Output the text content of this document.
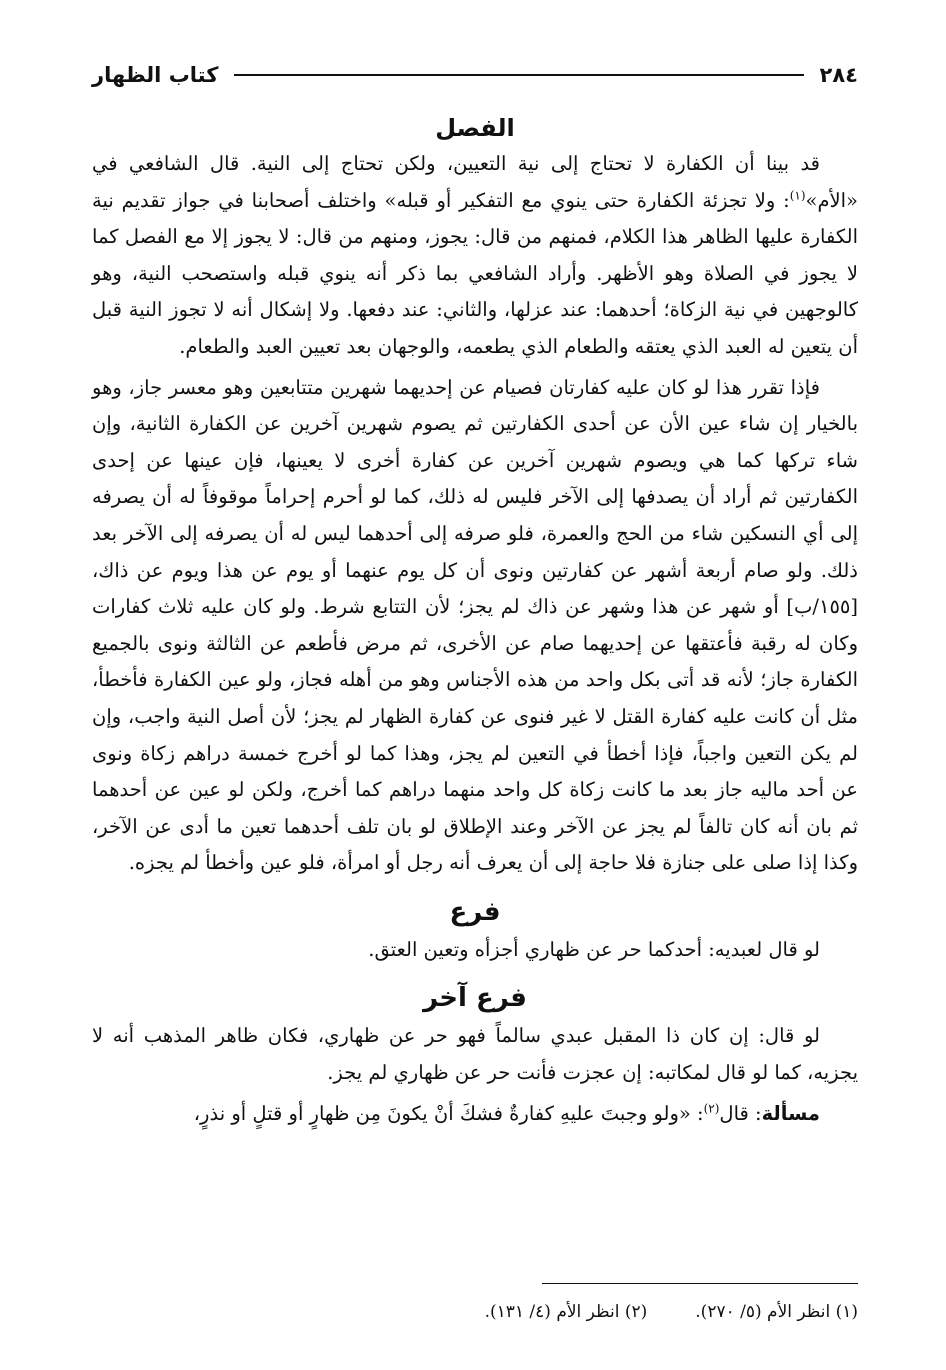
٢٨٤
كتاب الظهار
الفصل

قد بينا أن الكفارة لا تحتاج إلى نية التعيين، ولكن تحتاج إلى النية. قال الشافعي في «الأم»$^{(١)}$: ولا تجزئة الكفارة حتى ينوي مع التفكير أو قبله» واختلف أصحابنا في جواز تقديم نية الكفارة عليها الظاهر هذا الكلام، فمنهم من قال: يجوز، ومنهم من قال: لا يجوز إلا مع الفصل كما لا يجوز في الصلاة وهو الأظهر. وأراد الشافعي بما ذكر أنه ينوي قبله واستصحب النية، وهو كالوجهين في نية الزكاة؛ أحدهما: عند عزلها، والثاني: عند دفعها. ولا إشكال أنه لا تجوز النية قبل أن يتعين له العبد الذي يعتقه والطعام الذي يطعمه، والوجهان بعد تعيين العبد والطعام.

فإذا تقرر هذا لو كان عليه كفارتان فصيام عن إحديهما شهرين متتابعين وهو معسر جاز، وهو بالخيار إن شاء عين الأن عن أحدى الكفارتين ثم يصوم شهرين آخرين عن الكفارة الثانية، وإن شاء تركها كما هي ويصوم شهرين آخرين عن كفارة أخرى لا يعينها، فإن عينها عن إحدى الكفارتين ثم أراد أن يصدفها إلى الآخر فليس له ذلك، كما لو أحرم إحراماً موقوفاً له أن يصرفه إلى أي النسكين شاء من الحج والعمرة، فلو صرفه إلى أحدهما ليس له أن يصرفه إلى الآخر بعد ذلك. ولو صام أربعة أشهر عن كفارتين ونوى أن كل يوم عنهما أو يوم عن هذا ويوم عن ذاك، [١٥٥/ب] أو شهر عن هذا وشهر عن ذاك لم يجز؛ لأن التتابع شرط. ولو كان عليه ثلاث كفارات وكان له رقبة فأعتقها عن إحديهما صام عن الأخرى، ثم مرض فأطعم عن الثالثة ونوى بالجميع الكفارة جاز؛ لأنه قد أتى بكل واحد من هذه الأجناس وهو من أهله فجاز، ولو عين الكفارة فأخطأ، مثل أن كانت عليه كفارة القتل لا غير فنوى عن كفارة الظهار لم يجز؛ لأن أصل النية واجب، وإن لم يكن التعين واجباً، فإذا أخطأ في التعين لم يجز، وهذا كما لو أخرج خمسة دراهم زكاة ونوى عن أحد ماليه جاز بعد ما كانت زكاة كل واحد منهما دراهم كما أخرج، ولكن لو عين عن أحدهما ثم بان أنه كان تالفاً لم يجز عن الآخر وعند الإطلاق لو بان تلف أحدهما تعين ما أدى عن الآخر، وكذا إذا صلى على جنازة فلا حاجة إلى أن يعرف أنه رجل أو امرأة، فلو عين وأخطأ لم يجزه.

فرع

لو قال لعبديه: أحدكما حر عن ظهاري أجزأه وتعين العتق.

فرع آخر

لو قال: إن كان ذا المقبل عبدي سالماً فهو حر عن ظهاري، فكان ظاهر المذهب أنه لا يجزيه، كما لو قال لمكاتبه: إن عجزت فأنت حر عن ظهاري لم يجز.

مسألة: قال$^{(٢)}$: «ولو وجبتَ عليهِ كفارةٌ فشكَ أنْ يكونَ مِن ظهارٍ أو قتلٍ أو نذرٍ،

(١) انظر الأم (٥/ ٢٧٠).
(٢) انظر الأم (٤/ ١٣١).
